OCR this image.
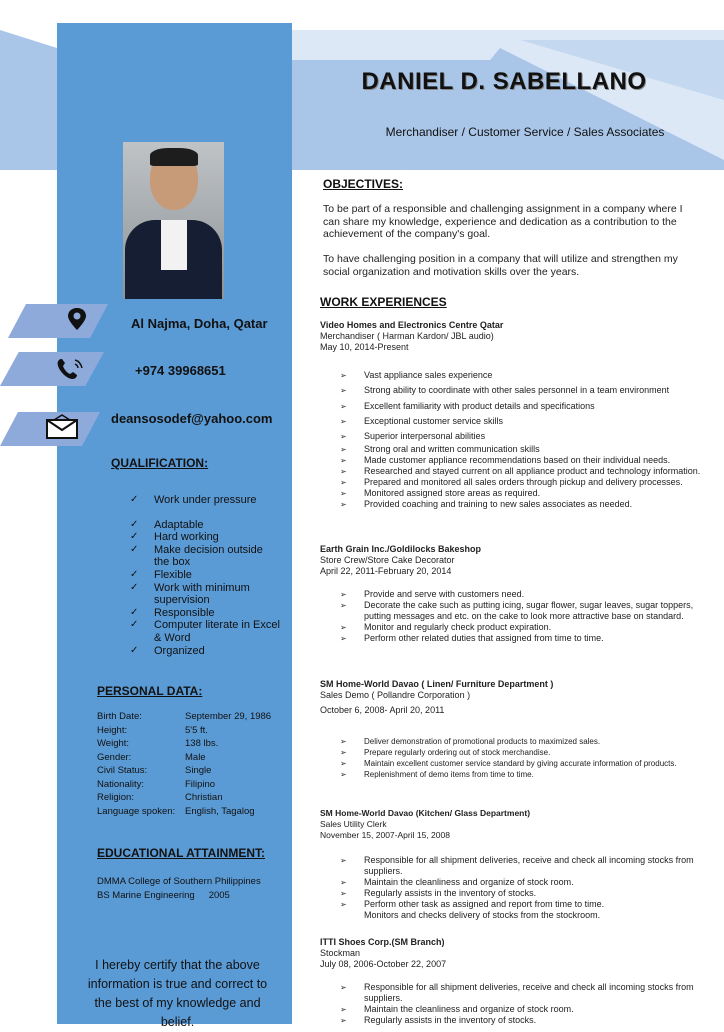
Al Najma, Doha, Qatar
+974 39968651
deansosodef@yahoo.com
QUALIFICATION:
✓ Work under pressure
✓ Adaptable
✓ Hard working
✓ Make decision outside the box
✓ Flexible
✓ Work with minimum supervision
✓ Responsible
✓ Computer literate in Excel & Word
✓ Organized
PERSONAL DATA:
Birth Date:	September 29, 1986
Height:	5'5 ft.
Weight:	138 lbs.
Gender:	Male
Civil Status:	Single
Nationality:	Filipino
Religion:	Christian
Language spoken:	English, Tagalog
EDUCATIONAL ATTAINMENT:
DMMA College of Southern Philippines
BS Marine Engineering 2005
I hereby certify that the above information is true and correct to the best of my knowledge and belief.
DANIEL D. SABELLANO
Merchandiser / Customer Service / Sales Associates
OBJECTIVES:
To be part of a responsible and challenging assignment in a company where I can share my knowledge, experience and dedication as a contribution to the achievement of the company's goal.
To have challenging position in a company that will utilize and strengthen my social organization and motivation skills over the years.
WORK EXPERIENCES
Video Homes and Electronics Centre Qatar
Merchandiser ( Harman Kardon/ JBL audio)
May 10, 2014-Present
➢ Vast appliance sales experience
➢ Strong ability to coordinate with other sales personnel in a team environment
➢ Excellent familiarity with product details and specifications
➢ Exceptional customer service skills
➢ Superior interpersonal abilities
➢ Strong oral and written communication skills
➢ Made customer appliance recommendations based on their individual needs.
➢ Researched and stayed current on all appliance product and technology information.
➢ Prepared and monitored all sales orders through pickup and delivery processes.
➢ Monitored assigned store areas as required.
➢ Provided coaching and training to new sales associates as needed.
Earth Grain Inc./Goldilocks Bakeshop
Store Crew/Store Cake Decorator
April 22, 2011-February 20, 2014
➢ Provide and serve with customers need.
➢ Decorate the cake such as putting icing, sugar flower, sugar leaves, sugar toppers, putting messages and etc. on the cake to look more attractive base on standard.
➢ Monitor and regularly check product expiration.
➢ Perform other related duties that assigned from time to time.
SM Home-World Davao ( Linen/ Furniture Department )
Sales Demo ( Pollandre Corporation )
October 6, 2008- April 20, 2011
➢ Deliver demonstration of promotional products to maximized sales.
➢ Prepare regularly ordering out of stock merchandise.
➢ Maintain excellent customer service standard by giving accurate information of products.
➢ Replenishment of demo items from time to time.
SM Home-World Davao (Kitchen/ Glass Department)
Sales Utility Clerk
November 15, 2007-April 15, 2008
➢ Responsible for all shipment deliveries, receive and check all incoming stocks from suppliers.
➢ Maintain the cleanliness and organize of stock room.
➢ Regularly assists in the inventory of stocks.
➢ Perform other task as assigned and report from time to time.
Monitors and checks delivery of stocks from the stockroom.
ITTI Shoes Corp.(SM Branch)
Stockman
July 08, 2006-October 22, 2007
➢ Responsible for all shipment deliveries, receive and check all incoming stocks from suppliers.
➢ Maintain the cleanliness and organize of stock room.
➢ Regularly assists in the inventory of stocks.
